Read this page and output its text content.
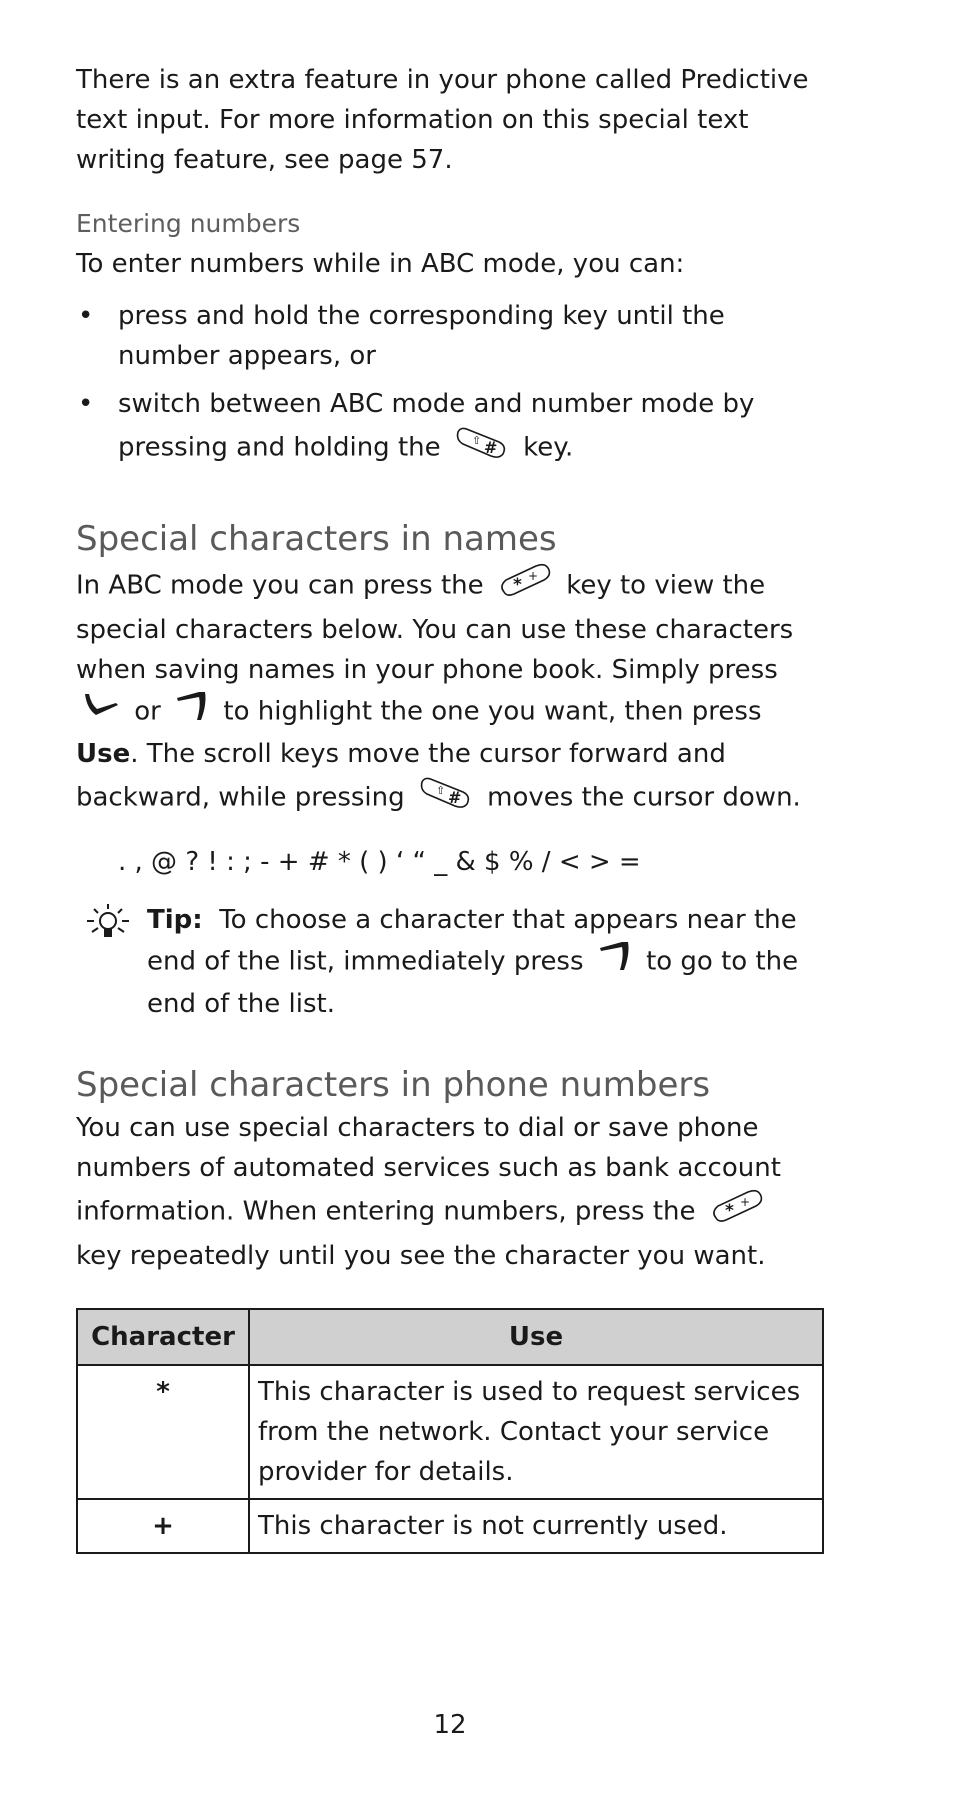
There is an extra feature in your phone called Predictive text input. For more information on this special text writing feature, see page 57.

Entering numbers

To enter numbers while in ABC mode, you can:

• press and hold the corresponding key until the number appears, or
• switch between ABC mode and number mode by pressing and holding the	⇧ # key.
Special characters in names

In ABC mode you can press the * + key to view the special characters below. You can use these characters when saving names in your phone book. Simply press  or to highlight the one you want, then press Use. The scroll keys move the cursor forward and backward, while pressing	⇧ # moves the cursor down.

. , @ ? ! : ; - + # * ( ) ‘ “ _ & $ % / < > =
Tip: To choose a character that appears near the end of the list, immediately press to go to the end of the list.
Special characters in phone numbers

You can use special characters to dial or save phone numbers of automated services such as bank account information. When entering numbers, press the * +
key repeatedly until you see the character you want.

Character	Use
*	This character is used to request services from the network. Contact your service provider for details.
+	This character is not currently used.
12
